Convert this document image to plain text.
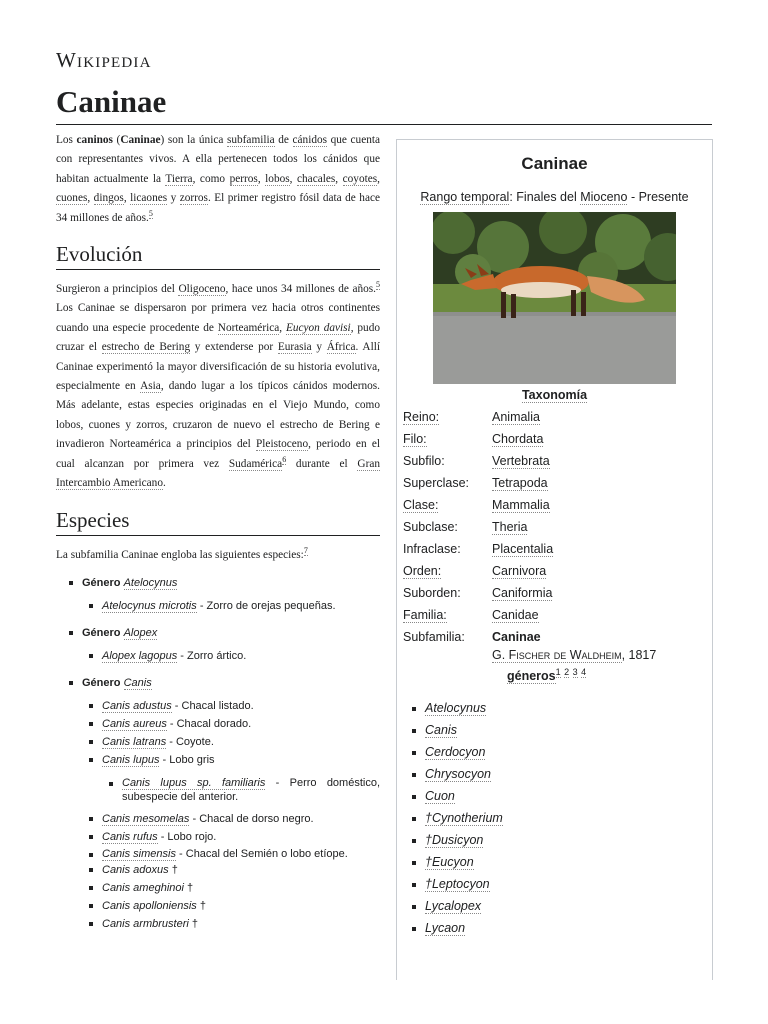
Wikipedia
Caninae

Los caninos (Caninae) son la única subfamilia de cánidos que cuenta con representantes vivos. A ella pertenecen todos los cánidos que habitan actualmente la Tierra, como perros, lobos, chacales, coyotes, cuones, dingos, licaones y zorros. El primer registro fósil data de hace 34 millones de años.$^5$

Evolución

Surgieron a principios del Oligoceno, hace unos 34 millones de años.$^5$ Los Caninae se dispersaron por primera vez hacia otros continentes cuando una especie procedente de Norteamérica, Eucyon davisi, pudo cruzar el estrecho de Bering y extenderse por Eurasia y África. Allí Caninae experimentó la mayor diversificación de su historia evolutiva, especialmente en Asia, dando lugar a los típicos cánidos modernos. Más adelante, estas especies originadas en el Viejo Mundo, como lobos, cuones y zorros, cruzaron de nuevo el estrecho de Bering e invadieron Norteamérica a principios del Pleistoceno, periodo en el cual alcanzan por primera vez Sudamérica$^6$ durante el Gran Intercambio Americano.

Especies

La subfamilia Caninae engloba las siguientes especies:$^7$

Género Atelocynus
Atelocynus microtis - Zorro de orejas pequeñas.
Género Alopex
Alopex lagopus - Zorro ártico.
Género Canis
Canis adustus - Chacal listado.
Canis aureus - Chacal dorado.
Canis latrans - Coyote.
Canis lupus - Lobo gris
Canis lupus sp. familiaris - Perro doméstico, subespecie del anterior.
Canis mesomelas - Chacal de dorso negro.
Canis rufus - Lobo rojo.
Canis simensis - Chacal del Semién o lobo etíope.
Canis adoxus †
Canis ameghinoi †
Canis apolloniensis †
Canis armbrusteri †
Caninae
Rango temporal: Finales del Mioceno - Presente
Taxonomía
Reino:	Animalia
Filo:	Chordata
Subfilo:	Vertebrata
Superclase: Tetrapoda
Clase:	Mammalia
Subclase:	Theria
Infraclase:	Placentalia
Orden:	Carnivora
Suborden:	Caniformia
Familia:	Canidae
Subfamilia: Caninae
G. Fischer de Waldheim, 1817
géneros$^1$ $^2$ $^3$ $^4$
Atelocynus
Canis
Cerdocyon
Chrysocyon
Cuon
†Cynotherium
†Dusicyon
†Eucyon
†Leptocyon
Lycalopex
Lycaon
